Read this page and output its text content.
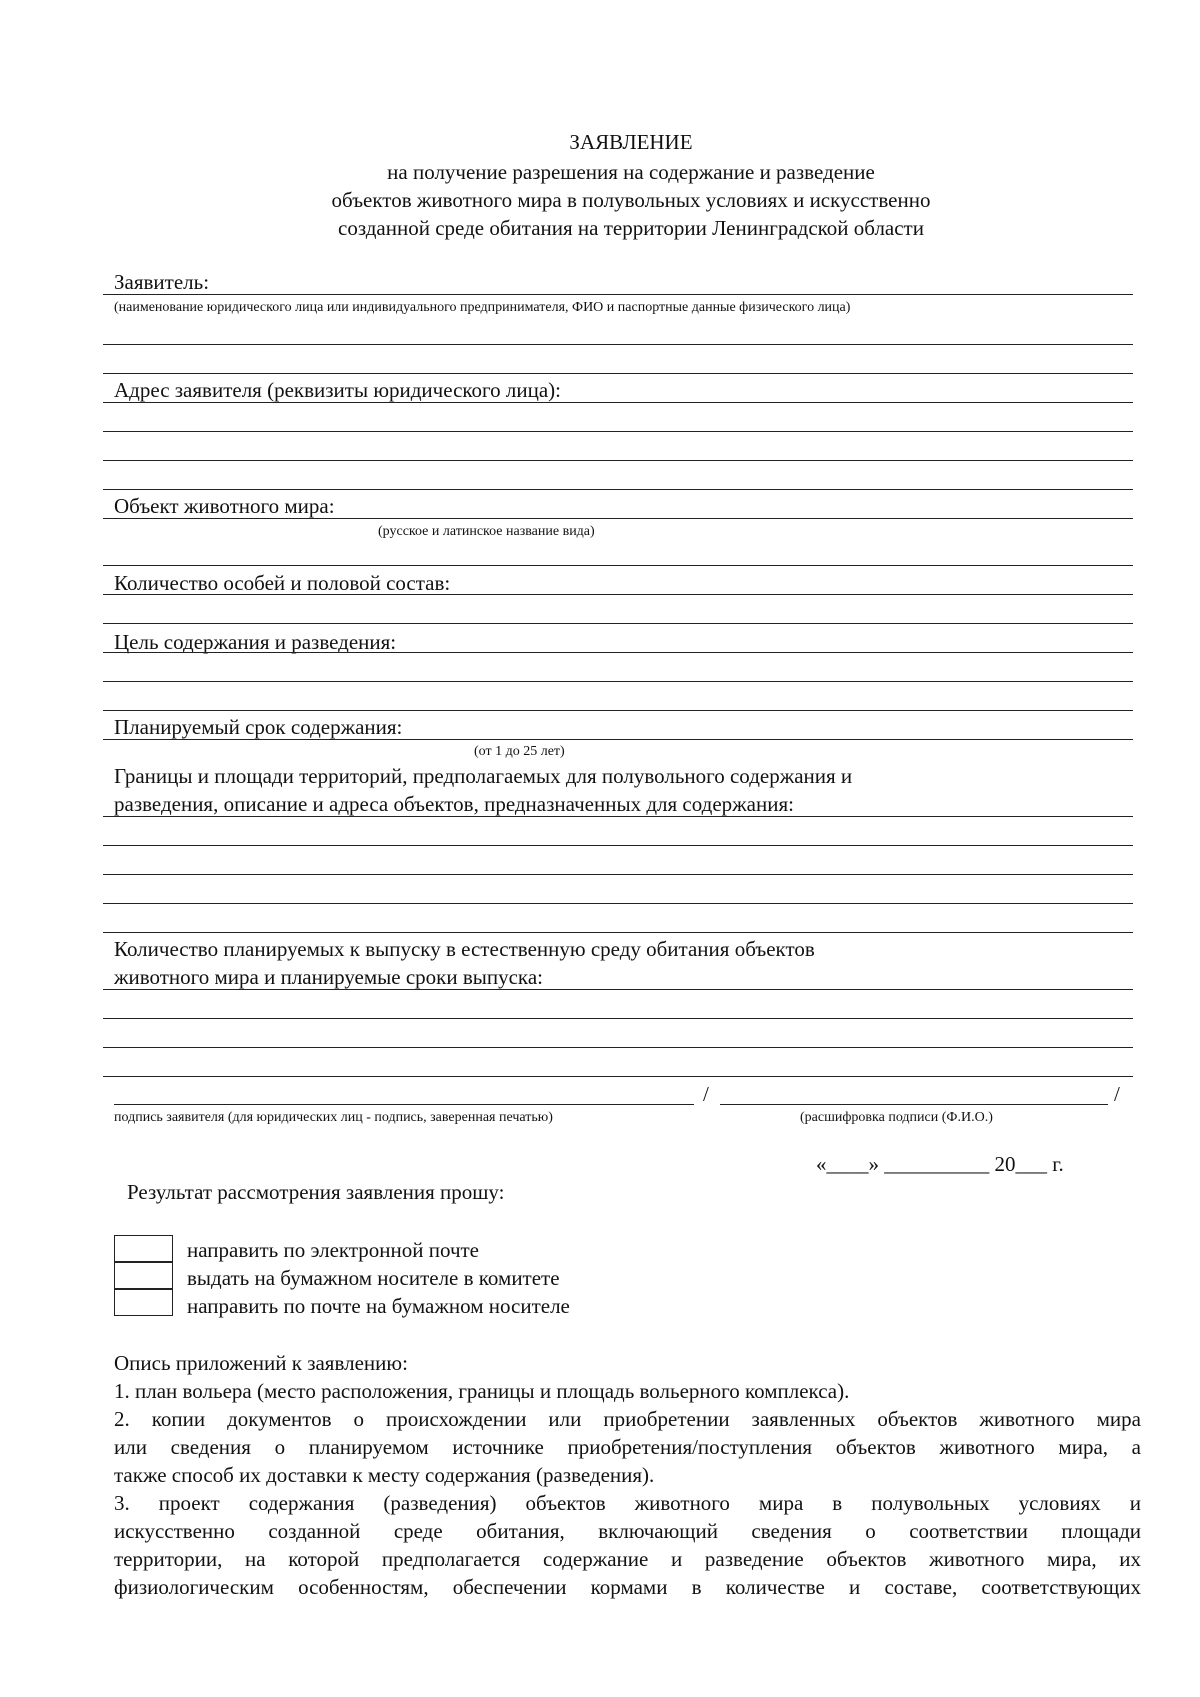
ЗАЯВЛЕНИЕ
на получение разрешения на содержание и разведение
объектов животного мира в полувольных условиях и искусственно
созданной среде обитания на территории Ленинградской области
Заявитель:
(наименование юридического лица или индивидуального предпринимателя, ФИО и паспортные данные физического лица)
Адрес заявителя (реквизиты юридического лица):
Объект животного мира:
(русское и латинское название вида)
Количество особей и половой состав:
Цель содержания и разведения:
Планируемый срок содержания:
(от 1 до 25 лет)
Границы и площади территорий, предполагаемых для полувольного содержания и
разведения, описание и адреса объектов, предназначенных для содержания:
Количество планируемых к выпуску в естественную среду обитания объектов
животного мира и планируемые сроки выпуска:
/	/
подпись заявителя (для юридических лиц - подпись, заверенная печатью)	(расшифровка подписи (Ф.И.О.)
«____» __________ 20___ г.
Результат рассмотрения заявления прошу:
направить по электронной почте
выдать на бумажном носителе в комитете
направить по почте на бумажном носителе
Опись приложений к заявлению:
1. план вольера (место расположения, границы и площадь вольерного комплекса).
2. копии документов о происхождении или приобретении заявленных объектов животного мира
или сведения о планируемом источнике приобретения/поступления объектов животного мира, а
также способ их доставки к месту содержания (разведения).
3. проект содержания (разведения) объектов животного мира в полувольных условиях и
искусственно созданной среде обитания, включающий сведения о соответствии площади
территории, на которой предполагается содержание и разведение объектов животного мира, их
физиологическим особенностям, обеспечении кормами в количестве и составе, соответствующих
